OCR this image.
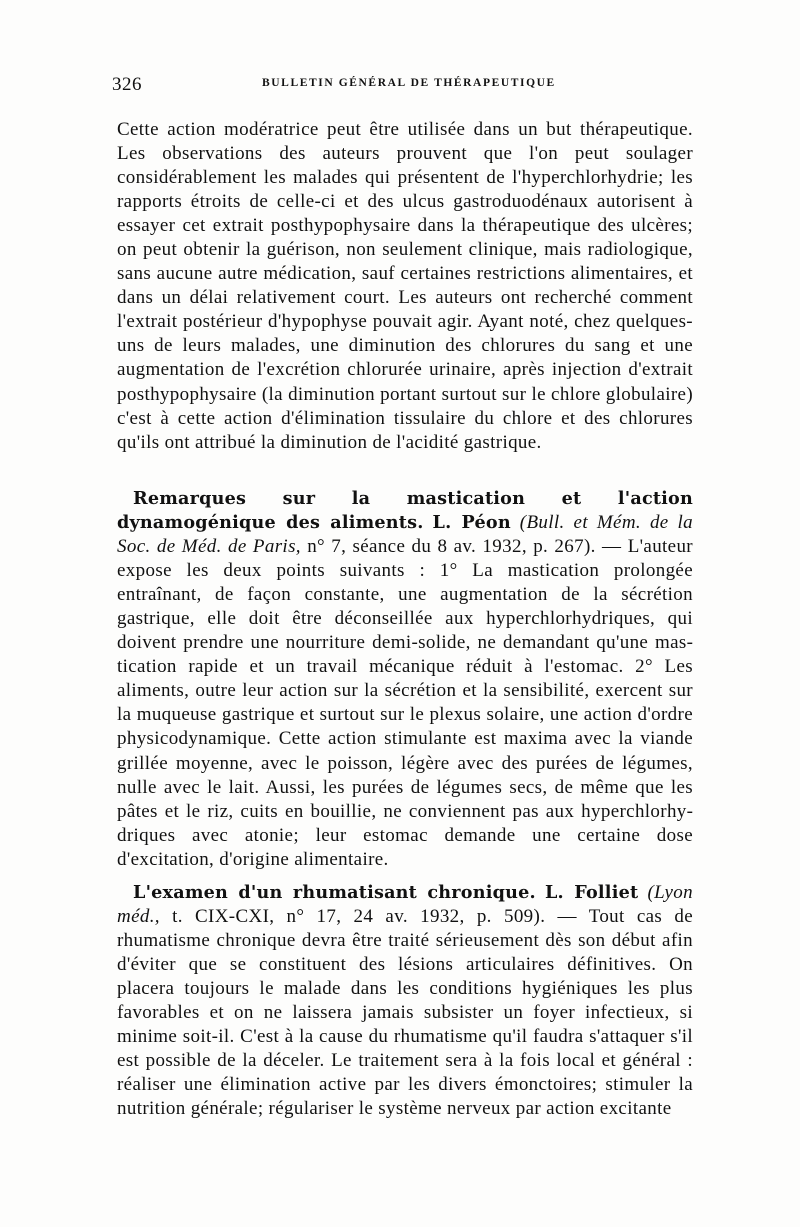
326	BULLETIN GÉNÉRAL DE THÉRAPEUTIQUE
Cette action modératrice peut être utilisée dans un but thérapeutique. Les observations des auteurs prouvent que l'on peut soulager considérablement les malades qui présentent de l'hyperchlorhydrie; les rapports étroits de celle-ci et des ulcus gastroduodénaux autorisent à essayer cet extrait posthypophysaire dans la thérapeutique des ulcères; on peut obtenir la guérison, non seulement clinique, mais radiologique, sans aucune autre médication, sauf certaines restrictions alimentaires, et dans un délai relativement court. Les auteurs ont recherché comment l'extrait postérieur d'hypophyse pouvait agir. Ayant noté, chez quelques-uns de leurs malades, une diminution des chlorures du sang et une augmentation de l'excrétion chlorurée urinaire, après injection d'extrait posthypophysaire (la diminution portant surtout sur le chlore globulaire) c'est à cette action d'élimination tissulaire du chlore et des chlorures qu'ils ont attribué la diminution de l'acidité gastrique.
Remarques sur la mastication et l'action dynamogénique des aliments. L. Péon (Bull. et Mém. de la Soc. de Méd. de Paris, n° 7, séance du 8 av. 1932, p. 267). — L'auteur expose les deux points suivants : 1° La mastication prolongée entraînant, de façon constante, une augmentation de la sécrétion gastrique, elle doit être déconseillée aux hyperchlorhydriques, qui doivent prendre une nourriture demi-solide, ne demandant qu'une mastication rapide et un travail mécanique réduit à l'estomac. 2° Les aliments, outre leur action sur la sécrétion et la sensibilité, exercent sur la muqueuse gastrique et surtout sur le plexus solaire, une action d'ordre physicodynamique. Cette action stimulante est maxima avec la viande grillée moyenne, avec le poisson, légère avec des purées de légumes, nulle avec le lait. Aussi, les purées de légumes secs, de même que les pâtes et le riz, cuits en bouillie, ne conviennent pas aux hyperchlorhydriques avec atonie; leur estomac demande une certaine dose d'excitation, d'origine alimentaire.
L'examen d'un rhumatisant chronique. L. Folliet (Lyon méd., t. CIX-CXI, n° 17, 24 av. 1932, p. 509). — Tout cas de rhumatisme chronique devra être traité sérieusement dès son début afin d'éviter que se constituent des lésions articulaires définitives. On placera toujours le malade dans les conditions hygiéniques les plus favorables et on ne laissera jamais subsister un foyer infectieux, si minime soit-il. C'est à la cause du rhumatisme qu'il faudra s'attaquer s'il est possible de la déceler. Le traitement sera à la fois local et général : réaliser une élimination active par les divers émonctoires; stimuler la nutrition générale; régulariser le système nerveux par action excitante
